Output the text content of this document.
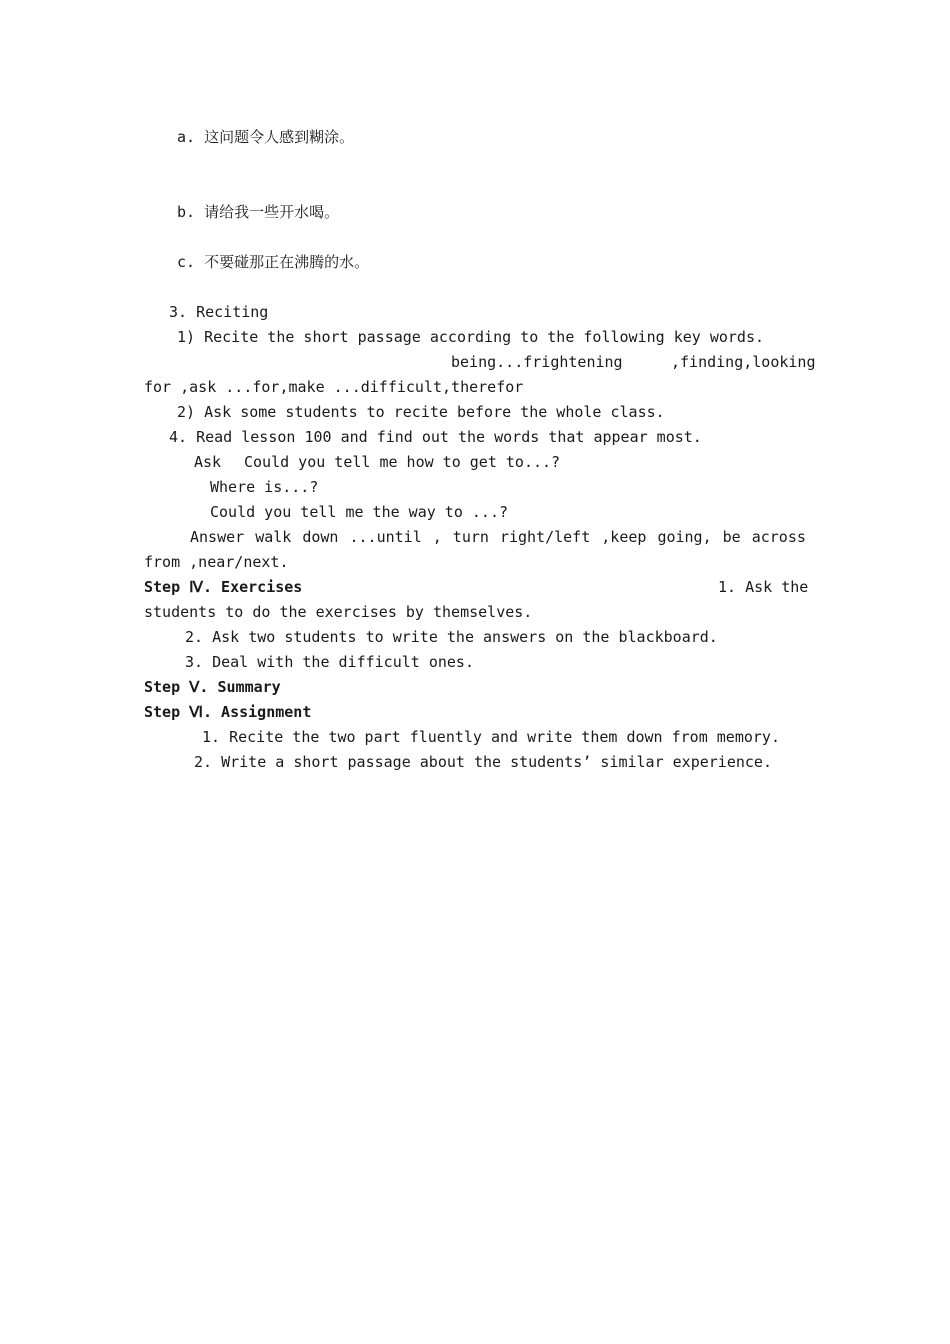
a. 这问题令人感到糊涂。
b. 请给我一些开水喝。
c. 不要碰那正在沸腾的水。
3. Reciting
1) Recite the short passage according to the following key words.
being...frightening	,finding,looking
for ,ask ...for,make ...difficult,therefor
2) Ask some students to recite before the whole class.
4. Read lesson 100 and find out the words that appear most.
Ask Could you tell me how to get to...?
Where is...?
Could you tell me the way to ...?
Answer walk down ...until , turn right/left ,keep going, be across
from ,near/next.
Step Ⅳ. Exercises	1. Ask the
students to do the exercises by themselves.
2. Ask two students to write the answers on the blackboard.
3. Deal with the difficult ones.
Step Ⅴ. Summary
Step Ⅵ. Assignment
1. Recite the two part fluently and write them down from memory.
2. Write a short passage about the students’ similar experience.
